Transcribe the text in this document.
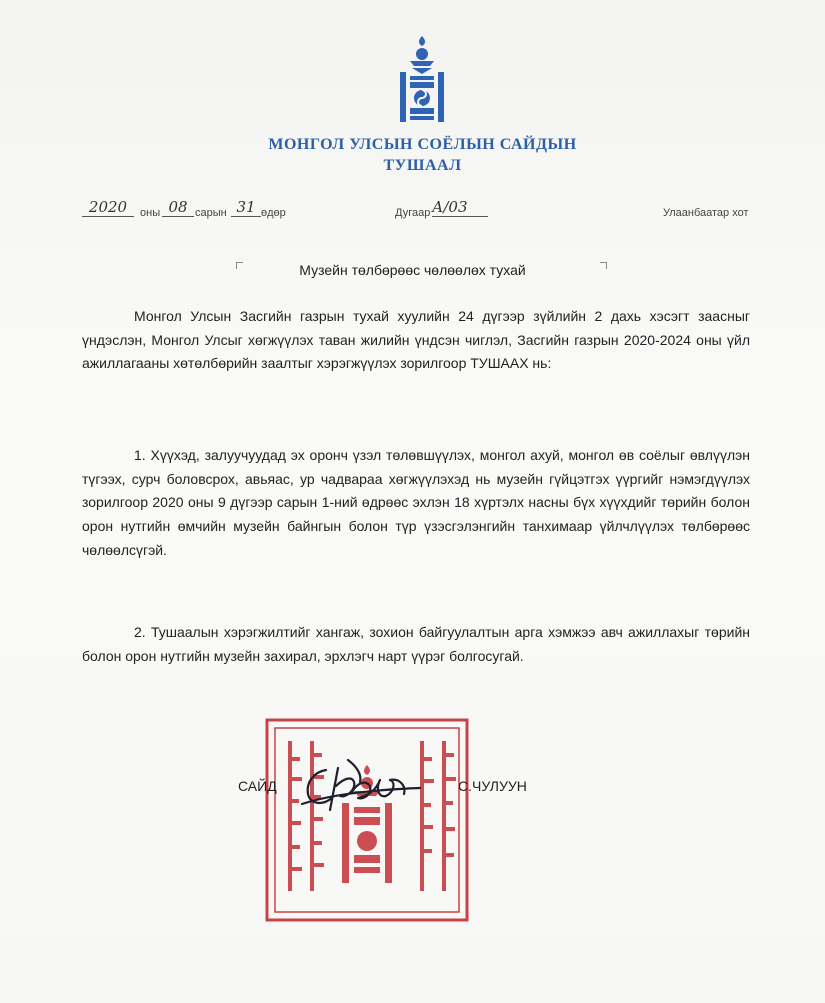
МОНГОЛ УЛСЫН СОЁЛЫН САЙДЫН
ТУШААЛ
2020	оны 08 сарын 31 өдөр	Дугаар А/03	Улаанбаатар хот
Музейн төлбөрөөс чөлөөлөх тухай
Монгол Улсын Засгийн газрын тухай хуулийн 24 дүгээр зүйлийн 2 дахь хэсэгт заасныг үндэслэн, Монгол Улсыг хөгжүүлэх таван жилийн үндсэн чиглэл, Засгийн газрын 2020-2024 оны үйл ажиллагааны хөтөлбөрийн заалтыг хэрэгжүүлэх зорилгоор ТУШААХ нь:
1. Хүүхэд, залуучуудад эх оронч үзэл төлөвшүүлэх, монгол ахуй, монгол өв соёлыг өвлүүлэн түгээх, сурч боловсрох, авьяас, ур чадвараа хөгжүүлэхэд нь музейн гүйцэтгэх үүргийг нэмэгдүүлэх зорилгоор 2020 оны 9 дүгээр сарын 1-ний өдрөөс эхлэн 18 хүртэлх насны бүх хүүхдийг төрийн болон орон нутгийн өмчийн музейн байнгын болон түр үзэсгэлэнгийн танхимаар үйлчлүүлэх төлбөрөөс чөлөөлсүгэй.
2. Тушаалын хэрэгжилтийг хангаж, зохион байгуулалтын арга хэмжээ авч ажиллахыг төрийн болон орон нутгийн музейн захирал, эрхлэгч нарт үүрэг болгосугай.
САЙД	С.ЧУЛУУН
